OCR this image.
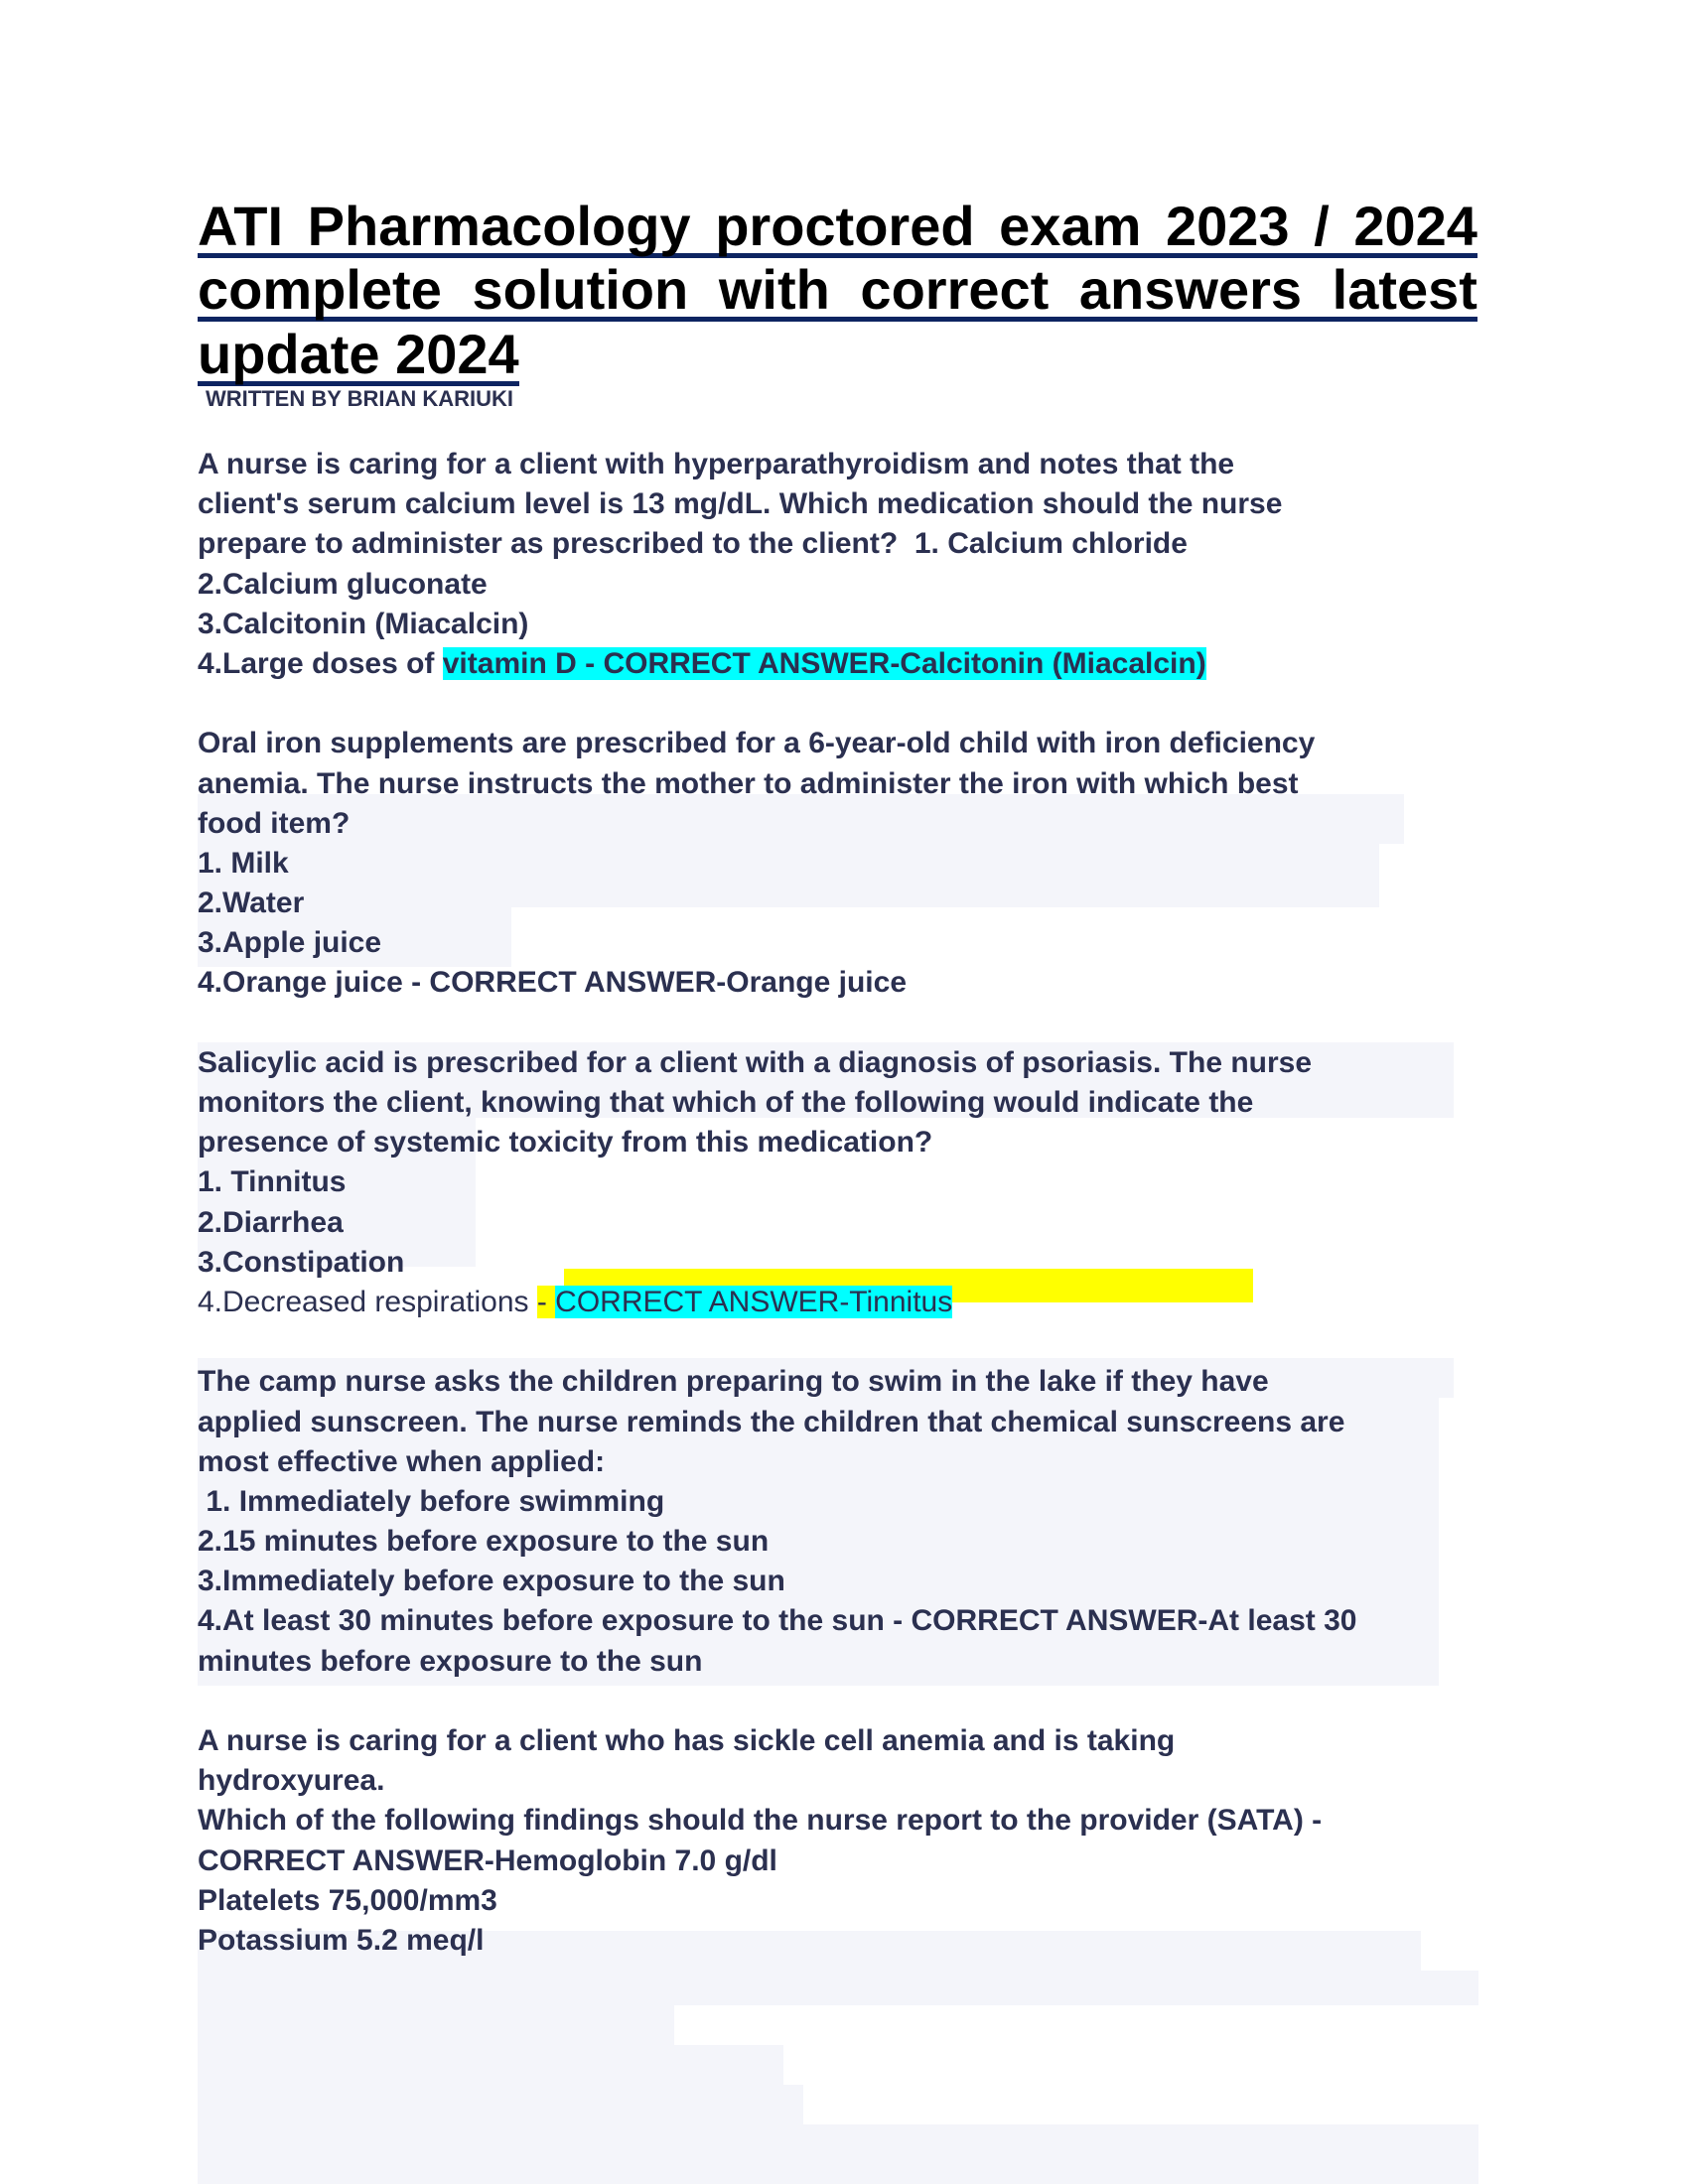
ATI Pharmacology proctored exam 2023 / 2024
complete solution with correct answers latest
update 2024
WRITTEN BY BRIAN KARIUKI
A nurse is caring for a client with hyperparathyroidism and notes that the
client's serum calcium level is 13 mg/dL. Which medication should the nurse
prepare to administer as prescribed to the client?  1. Calcium chloride
2.Calcium gluconate
3.Calcitonin (Miacalcin)
4.Large doses of vitamin D - CORRECT ANSWER-Calcitonin (Miacalcin)
Oral iron supplements are prescribed for a 6-year-old child with iron deficiency
anemia. The nurse instructs the mother to administer the iron with which best
food item?
1. Milk
2.Water
3.Apple juice
4.Orange juice - CORRECT ANSWER-Orange juice
Salicylic acid is prescribed for a client with a diagnosis of psoriasis. The nurse
monitors the client, knowing that which of the following would indicate the
presence of systemic toxicity from this medication?
1. Tinnitus
2.Diarrhea
3.Constipation
4.Decreased respirations - CORRECT ANSWER-Tinnitus
The camp nurse asks the children preparing to swim in the lake if they have
applied sunscreen. The nurse reminds the children that chemical sunscreens are
most effective when applied:
1. Immediately before swimming
2.15 minutes before exposure to the sun
3.Immediately before exposure to the sun
4.At least 30 minutes before exposure to the sun - CORRECT ANSWER-At least 30
minutes before exposure to the sun
A nurse is caring for a client who has sickle cell anemia and is taking
hydroxyurea.
Which of the following findings should the nurse report to the provider (SATA) -
CORRECT ANSWER-Hemoglobin 7.0 g/dl
Platelets 75,000/mm3
Potassium 5.2 meq/l
